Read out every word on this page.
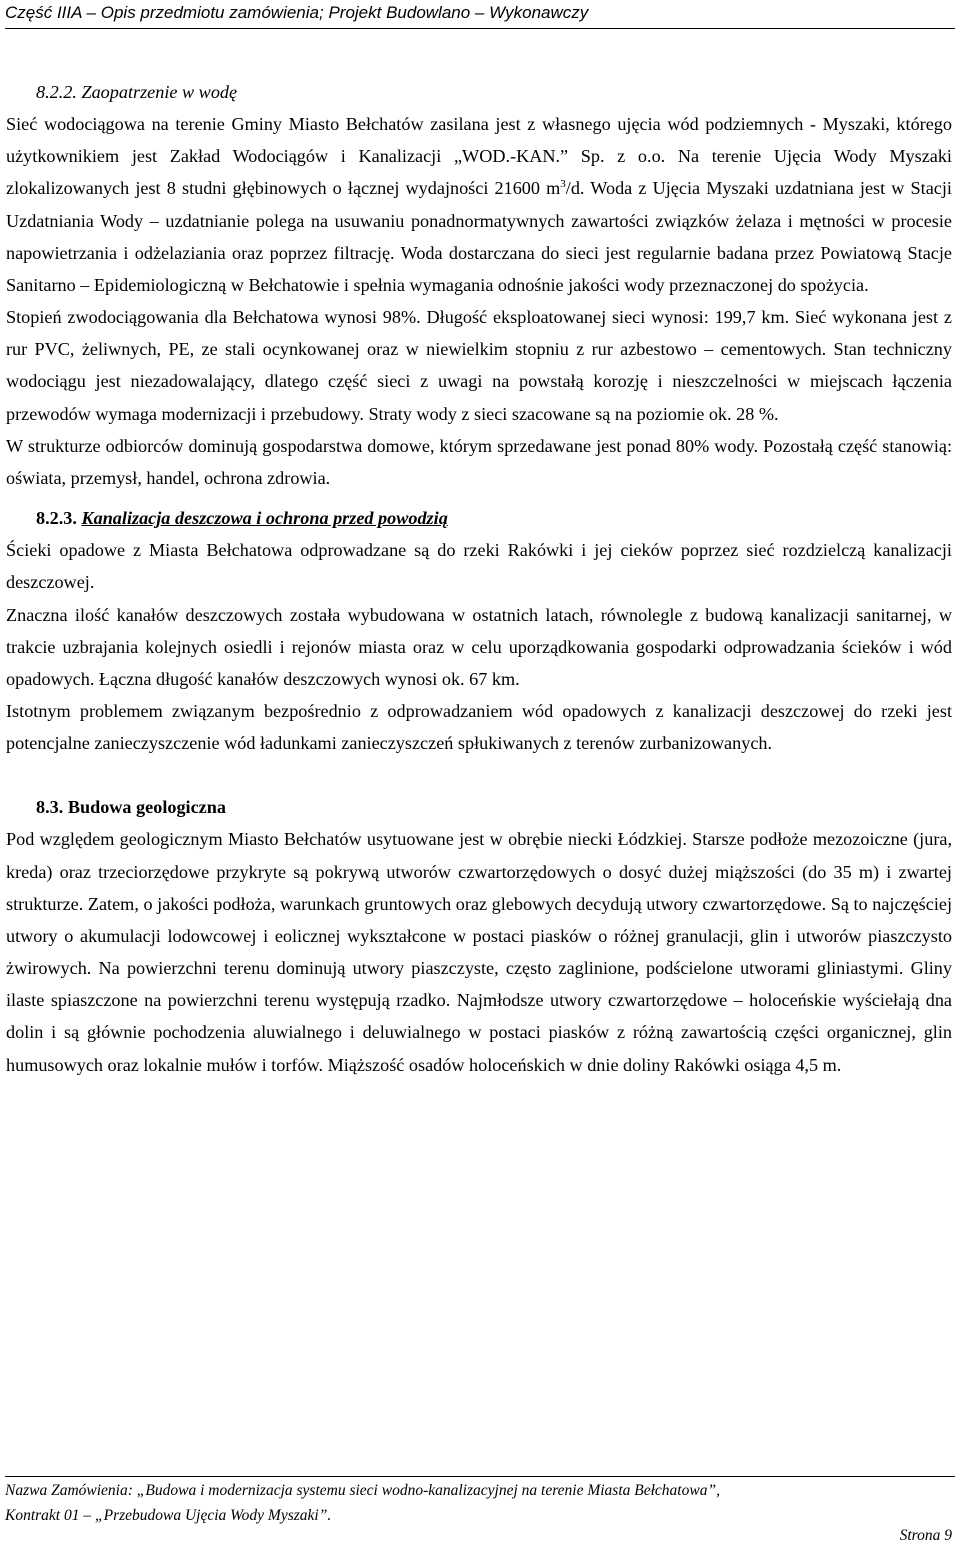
Część IIIA – Opis przedmiotu zamówienia; Projekt Budowlano – Wykonawczy

8.2.2. Zaopatrzenie w wodę

Sieć wodociągowa na terenie Gminy Miasto Bełchatów zasilana jest z własnego ujęcia wód podziemnych - Myszaki, którego użytkownikiem jest Zakład Wodociągów i Kanalizacji „WOD.-KAN.” Sp. z o.o. Na terenie Ujęcia Wody Myszaki zlokalizowanych jest 8 studni głębinowych o łącznej wydajności 21600 $m^3/d$. Woda z Ujęcia Myszaki uzdatniana jest w Stacji Uzdatniania Wody – uzdatnianie polega na usuwaniu ponadnormatywnych zawartości związków żelaza i mętności w procesie napowietrzania i odżelaziania oraz poprzez filtrację. Woda dostarczana do sieci jest regularnie badana przez Powiatową Stacje Sanitarno – Epidemiologiczną w Bełchatowie i spełnia wymagania odnośnie jakości wody przeznaczonej do spożycia.

Stopień zwodociągowania dla Bełchatowa wynosi 98%. Długość eksploatowanej sieci wynosi: 199,7 km. Sieć wykonana jest z rur PVC, żeliwnych, PE, ze stali ocynkowanej oraz w niewielkim stopniu z rur azbestowo – cementowych. Stan techniczny wodociągu jest niezadowalający, dlatego część sieci z uwagi na powstałą korozję i nieszczelności w miejscach łączenia przewodów wymaga modernizacji i przebudowy. Straty wody z sieci szacowane są na poziomie ok. 28 %.

W strukturze odbiorców dominują gospodarstwa domowe, którym sprzedawane jest ponad 80% wody. Pozostałą część stanowią: oświata, przemysł, handel, ochrona zdrowia.

8.2.3. Kanalizacja deszczowa i ochrona przed powodzią

Ścieki opadowe z Miasta Bełchatowa odprowadzane są do rzeki Rakówki i jej cieków poprzez sieć rozdzielczą kanalizacji deszczowej.

Znaczna ilość kanałów deszczowych została wybudowana w ostatnich latach, równolegle z budową kanalizacji sanitarnej, w trakcie uzbrajania kolejnych osiedli i rejonów miasta oraz w celu uporządkowania gospodarki odprowadzania ścieków i wód opadowych. Łączna długość kanałów deszczowych wynosi ok. 67 km.

Istotnym problemem związanym bezpośrednio z odprowadzaniem wód opadowych z kanalizacji deszczowej do rzeki jest potencjalne zanieczyszczenie wód ładunkami zanieczyszczeń spłukiwanych z terenów zurbanizowanych.

8.3. Budowa geologiczna

Pod względem geologicznym Miasto Bełchatów usytuowane jest w obrębie niecki Łódzkiej. Starsze podłoże mezozoiczne (jura, kreda) oraz trzeciorzędowe przykryte są pokrywą utworów czwartorzędowych o dosyć dużej miąższości (do 35 m) i zwartej strukturze. Zatem, o jakości podłoża, warunkach gruntowych oraz glebowych decydują utwory czwartorzędowe. Są to najczęściej utwory o akumulacji lodowcowej i eolicznej wykształcone w postaci piasków o różnej granulacji, glin i utworów piaszczysto żwirowych. Na powierzchni terenu dominują utwory piaszczyste, często zaglinione, podścielone utworami gliniastymi. Gliny ilaste spiaszczone na powierzchni terenu występują rzadko. Najmłodsze utwory czwartorzędowe – holoceńskie wyściełają dna dolin i są głównie pochodzenia aluwialnego i deluwialnego w postaci piasków z różną zawartością części organicznej, glin humusowych oraz lokalnie mułów i torfów. Miąższość osadów holoceńskich w dnie doliny Rakówki osiąga 4,5 m.

Nazwa Zamówienia: „Budowa i modernizacja systemu sieci wodno-kanalizacyjnej na terenie Miasta Bełchatowa”,
Kontrakt 01 – „Przebudowa Ujęcia Wody Myszaki”.
Strona 9
